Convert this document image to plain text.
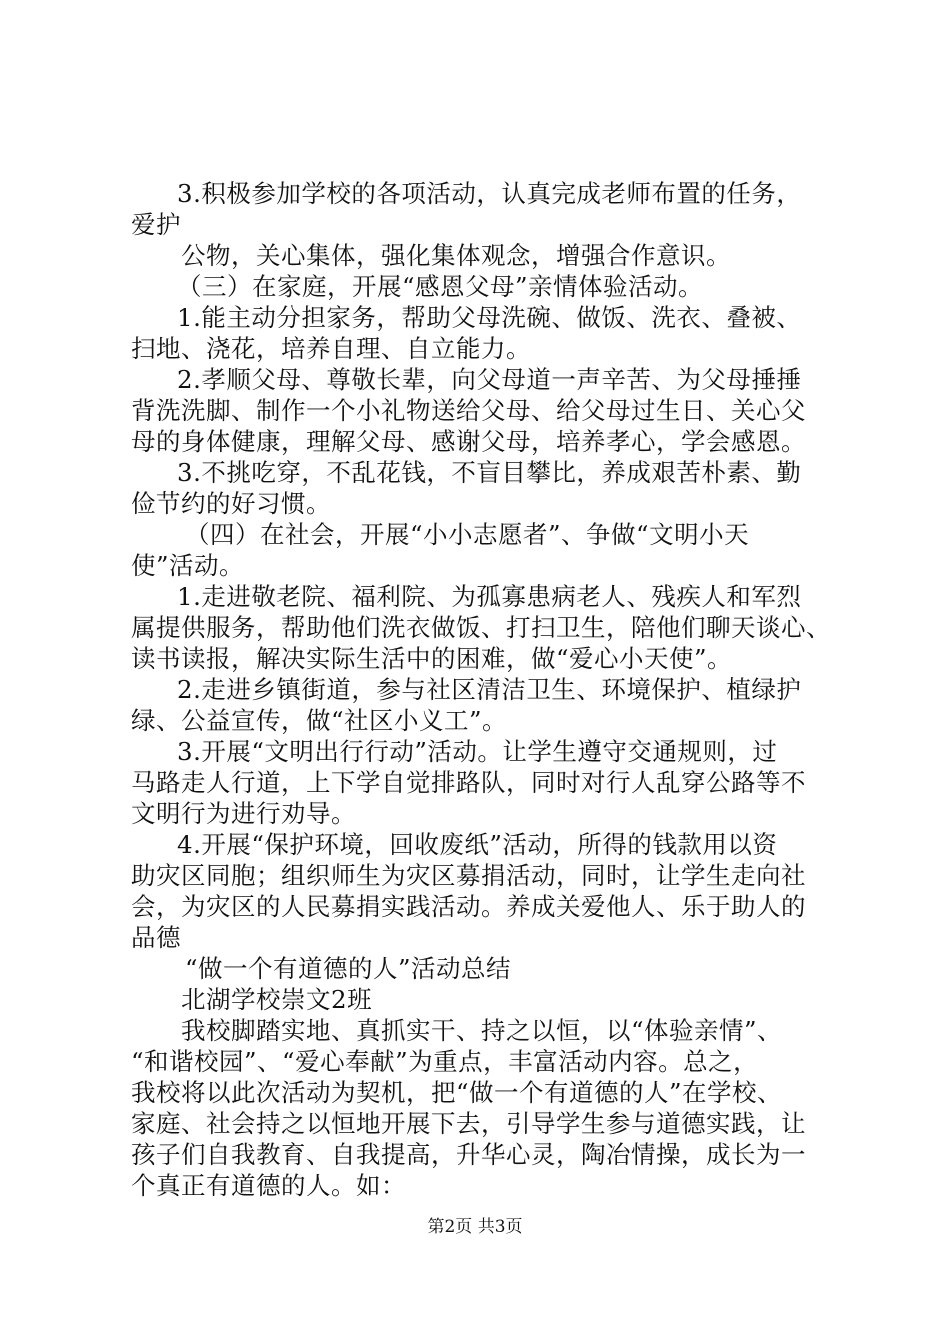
3.积极参加学校的各项活动，认真完成老师布置的任务，
爱护
公物，关心集体，强化集体观念，增强合作意识。
（三）在家庭，开展“感恩父母”亲情体验活动。
1.能主动分担家务，帮助父母洗碗、做饭、洗衣、叠被、
扫地、浇花，培养自理、自立能力。
2.孝顺父母、尊敬长辈，向父母道一声辛苦、为父母捶捶
背洗洗脚、制作一个小礼物送给父母、给父母过生日、关心父
母的身体健康，理解父母、感谢父母，培养孝心，学会感恩。
3.不挑吃穿，不乱花钱，不盲目攀比，养成艰苦朴素、勤
俭节约的好习惯。
（四）在社会，开展“小小志愿者”、争做“文明小天
使”活动。
1.走进敬老院、福利院、为孤寡患病老人、残疾人和军烈
属提供服务，帮助他们洗衣做饭、打扫卫生，陪他们聊天谈心、
读书读报，解决实际生活中的困难，做“爱心小天使”。
2.走进乡镇街道，参与社区清洁卫生、环境保护、植绿护
绿、公益宣传，做“社区小义工”。
3.开展“文明出行行动”活动。让学生遵守交通规则，过
马路走人行道，上下学自觉排路队，同时对行人乱穿公路等不
文明行为进行劝导。
4.开展“保护环境，回收废纸”活动，所得的钱款用以资
助灾区同胞；组织师生为灾区募捐活动，同时，让学生走向社
会，为灾区的人民募捐实践活动。养成关爱他人、乐于助人的
品德
“做一个有道德的人”活动总结
北湖学校崇文2班
我校脚踏实地、真抓实干、持之以恒，以“体验亲情”、
“和谐校园”、“爱心奉献”为重点，丰富活动内容。总之，
我校将以此次活动为契机，把“做一个有道德的人”在学校、
家庭、社会持之以恒地开展下去，引导学生参与道德实践，让
孩子们自我教育、自我提高，升华心灵，陶冶情操，成长为一
个真正有道德的人。如：
第2页 共3页
